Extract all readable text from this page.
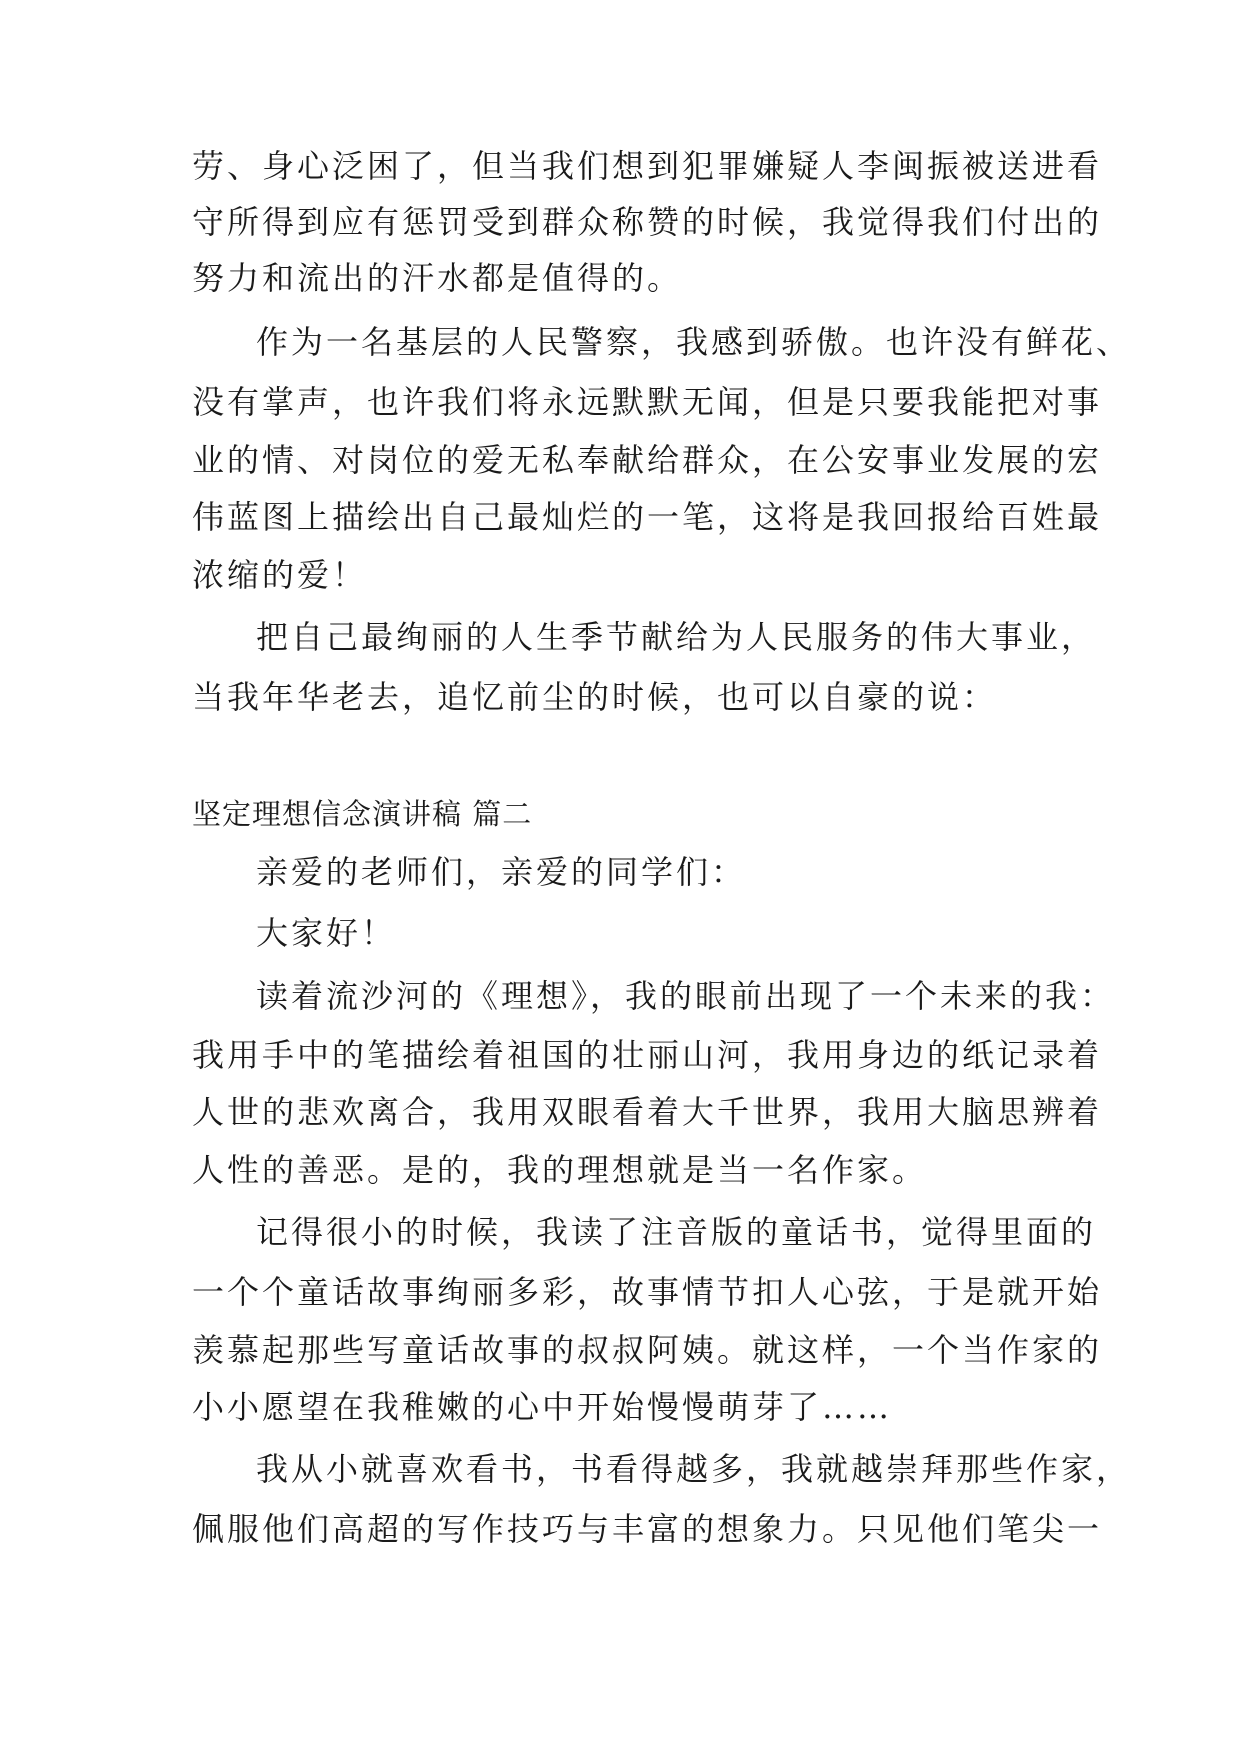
劳、身心泛困了，但当我们想到犯罪嫌疑人李闽振被送进看
守所得到应有惩罚受到群众称赞的时候，我觉得我们付出的
努力和流出的汗水都是值得的。
作为一名基层的人民警察，我感到骄傲。也许没有鲜花、
没有掌声，也许我们将永远默默无闻，但是只要我能把对事
业的情、对岗位的爱无私奉献给群众，在公安事业发展的宏
伟蓝图上描绘出自己最灿烂的一笔，这将是我回报给百姓最
浓缩的爱！
把自己最绚丽的人生季节献给为人民服务的伟大事业，
当我年华老去，追忆前尘的时候，也可以自豪的说：
坚定理想信念演讲稿 篇二
亲爱的老师们，亲爱的同学们：
大家好！
读着流沙河的《理想》，我的眼前出现了一个未来的我：
我用手中的笔描绘着祖国的壮丽山河，我用身边的纸记录着
人世的悲欢离合，我用双眼看着大千世界，我用大脑思辨着
人性的善恶。是的，我的理想就是当一名作家。
记得很小的时候，我读了注音版的童话书，觉得里面的
一个个童话故事绚丽多彩，故事情节扣人心弦，于是就开始
羡慕起那些写童话故事的叔叔阿姨。就这样，一个当作家的
小小愿望在我稚嫩的心中开始慢慢萌芽了……
我从小就喜欢看书，书看得越多，我就越崇拜那些作家，
佩服他们高超的写作技巧与丰富的想象力。只见他们笔尖一
